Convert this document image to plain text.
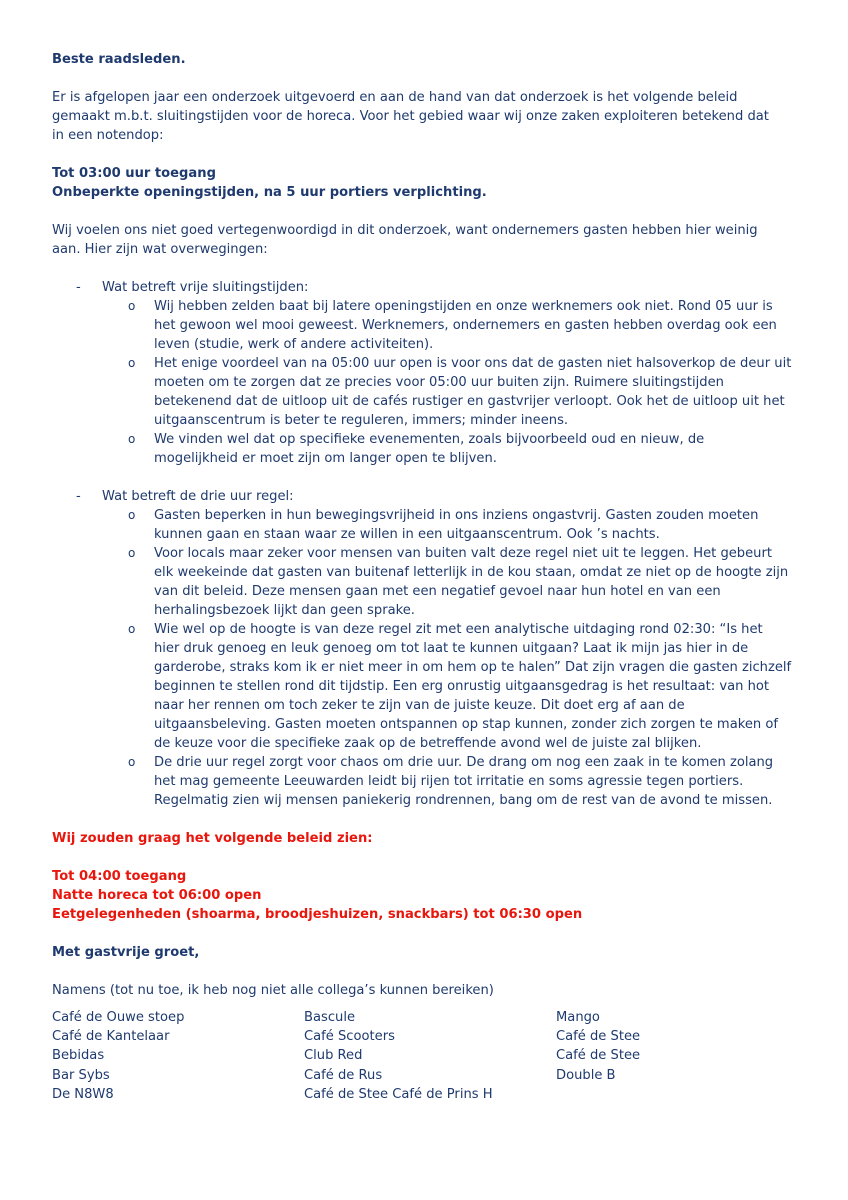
Beste raadsleden.

Er is afgelopen jaar een onderzoek uitgevoerd en aan de hand van dat onderzoek is het volgende beleid gemaakt m.b.t. sluitingstijden voor de horeca. Voor het gebied waar wij onze zaken exploiteren betekend dat in een notendop:

Tot 03:00 uur toegang

Onbeperkte openingstijden, na 5 uur portiers verplichting.

Wij voelen ons niet goed vertegenwoordigd in dit onderzoek, want ondernemers gasten hebben hier weinig aan. Hier zijn wat overwegingen:

- Wat betreft vrije sluitingstijden:
o Wij hebben zelden baat bij latere openingstijden en onze werknemers ook niet. Rond 05 uur is het gewoon wel mooi geweest. Werknemers, ondernemers en gasten hebben overdag ook een leven (studie, werk of andere activiteiten).
o Het enige voordeel van na 05:00 uur open is voor ons dat de gasten niet halsoverkop de deur uit moeten om te zorgen dat ze precies voor 05:00 uur buiten zijn. Ruimere sluitingstijden betekenend dat de uitloop uit de cafés rustiger en gastvrijer verloopt. Ook het de uitloop uit het uitgaanscentrum is beter te reguleren, immers; minder ineens.
o We vinden wel dat op specifieke evenementen, zoals bijvoorbeeld oud en nieuw, de mogelijkheid er moet zijn om langer open te blijven.
- Wat betreft de drie uur regel:
o Gasten beperken in hun bewegingsvrijheid in ons inziens ongastvrij. Gasten zouden moeten kunnen gaan en staan waar ze willen in een uitgaanscentrum. Ook ’s nachts.
o Voor locals maar zeker voor mensen van buiten valt deze regel niet uit te leggen. Het gebeurt elk weekeinde dat gasten van buitenaf letterlijk in de kou staan, omdat ze niet op de hoogte zijn van dit beleid. Deze mensen gaan met een negatief gevoel naar hun hotel en van een herhalingsbezoek lijkt dan geen sprake.
o Wie wel op de hoogte is van deze regel zit met een analytische uitdaging rond 02:30: “Is het hier druk genoeg en leuk genoeg om tot laat te kunnen uitgaan? Laat ik mijn jas hier in de garderobe, straks kom ik er niet meer in om hem op te halen” Dat zijn vragen die gasten zichzelf beginnen te stellen rond dit tijdstip. Een erg onrustig uitgaansgedrag is het resultaat: van hot naar her rennen om toch zeker te zijn van de juiste keuze. Dit doet erg af aan de uitgaansbeleving. Gasten moeten ontspannen op stap kunnen, zonder zich zorgen te maken of de keuze voor die specifieke zaak op de betreffende avond wel de juiste zal blijken.
o De drie uur regel zorgt voor chaos om drie uur. De drang om nog een zaak in te komen zolang het mag gemeente Leeuwarden leidt bij rijen tot irritatie en soms agressie tegen portiers. Regelmatig zien wij mensen paniekerig rondrennen, bang om de rest van de avond te missen.

Wij zouden graag het volgende beleid zien:

Tot 04:00 toegang

Natte horeca tot 06:00 open

Eetgelegenheden (shoarma, broodjeshuizen, snackbars) tot 06:30 open

Met gastvrije groet,

Namens (tot nu toe, ik heb nog niet alle collega’s kunnen bereiken)

Café de Ouwe stoep
Café de Kantelaar
Bebidas
Bar Sybs
De N8W8
Bascule
Café Scooters
Club Red
Café de Rus
Café de Stee Café de Prins H
Mango
Café de Stee
Café de Stee
Double B
